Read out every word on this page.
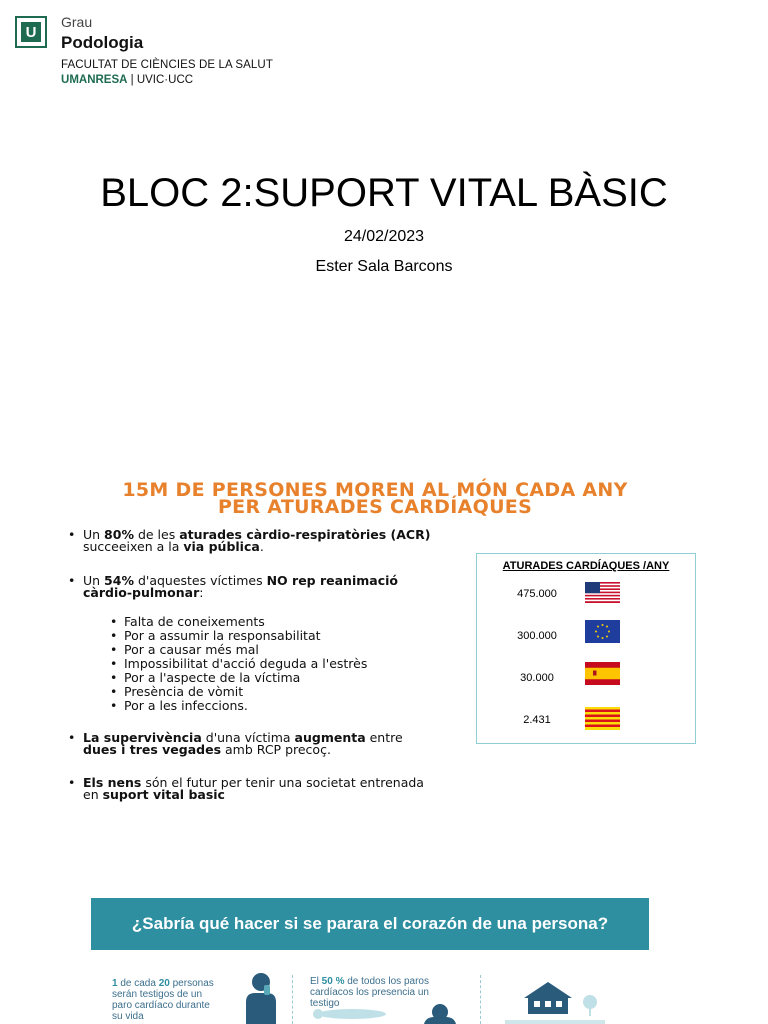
U
Grau
Podologia
FACULTAT DE CIÈNCIES DE LA SALUT
UMANRESA | UVIC·UCC
BLOC 2:SUPORT VITAL BÀSIC
24/02/2023
Ester Sala Barcons
15M DE PERSONES MOREN AL MÓN CADA ANY
PER ATURADES CARDÍAQUES
• Un 80% de les aturades càrdio-respiratòries (ACR)
succeeixen a la via pública.
• Un 54% d'aquestes víctimes NO rep reanimació
càrdio-pulmonar:
• Falta de coneixements
• Por a assumir la responsabilitat
• Por a causar més mal
• Impossibilitat d'acció deguda a l'estrès
• Por a l'aspecte de la víctima
• Presència de vòmit
• Por a les infeccions.
• La supervivència d'una víctima augmenta entre
dues i tres vegades amb RCP precoç.
• Els nens són el futur per tenir una societat entrenada
en suport vital basic
ATURADES CARDÍAQUES /ANY
475.000
300.000
30.000
2.431
¿Sabría qué hacer si se parara el corazón de una persona?
1 de cada 20 personas
serán testigos de un
paro cardíaco durante
su vida
El 50 % de todos los paros
cardíacos los presencia un
testigo
